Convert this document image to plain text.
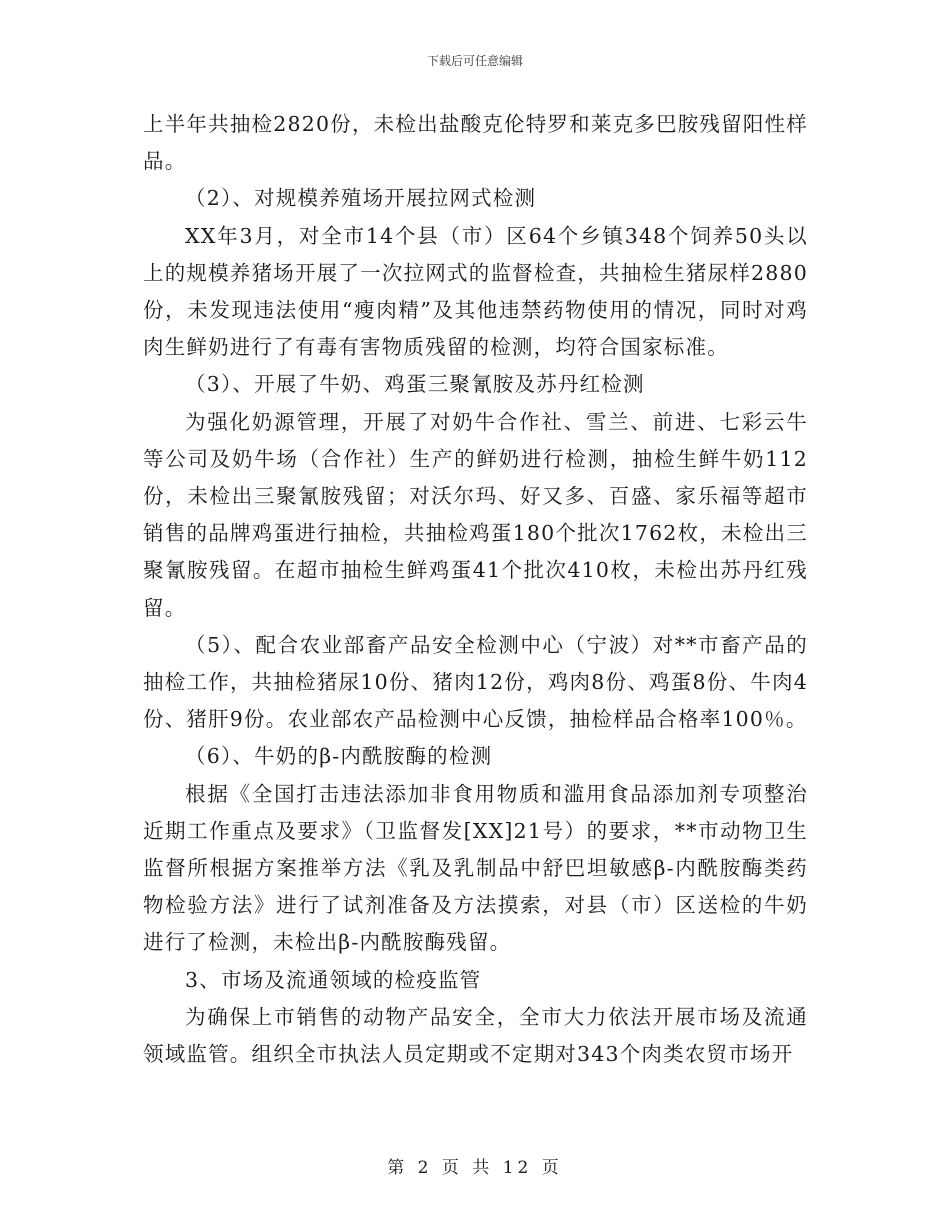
下载后可任意编辑

上半年共抽检2820份，未检出盐酸克伦特罗和莱克多巴胺残留阳性样品。

（2）、对规模养殖场开展拉网式检测

XX年3月，对全市14个县（市）区64个乡镇348个饲养50头以上的规模养猪场开展了一次拉网式的监督检查，共抽检生猪尿样2880份，未发现违法使用“瘦肉精”及其他违禁药物使用的情况，同时对鸡肉生鲜奶进行了有毒有害物质残留的检测，均符合国家标准。

（3）、开展了牛奶、鸡蛋三聚氰胺及苏丹红检测

为强化奶源管理，开展了对奶牛合作社、雪兰、前进、七彩云牛等公司及奶牛场（合作社）生产的鲜奶进行检测，抽检生鲜牛奶112份，未检出三聚氰胺残留；对沃尔玛、好又多、百盛、家乐福等超市销售的品牌鸡蛋进行抽检，共抽检鸡蛋180个批次1762枚，未检出三聚氰胺残留。在超市抽检生鲜鸡蛋41个批次410枚，未检出苏丹红残留。

（5）、配合农业部畜产品安全检测中心（宁波）对**市畜产品的抽检工作，共抽检猪尿10份、猪肉12份，鸡肉8份、鸡蛋8份、牛肉4份、猪肝9份。农业部农产品检测中心反馈，抽检样品合格率100％。

（6）、牛奶的β-内酰胺酶的检测

根据《全国打击违法添加非食用物质和滥用食品添加剂专项整治近期工作重点及要求》（卫监督发[XX]21号）的要求，**市动物卫生监督所根据方案推举方法《乳及乳制品中舒巴坦敏感β-内酰胺酶类药物检验方法》进行了试剂准备及方法摸索，对县（市）区送检的牛奶进行了检测，未检出β-内酰胺酶残留。

3、市场及流通领域的检疫监管

为确保上市销售的动物产品安全，全市大力依法开展市场及流通领域监管。组织全市执法人员定期或不定期对343个肉类农贸市场开

第 2 页 共 12 页
